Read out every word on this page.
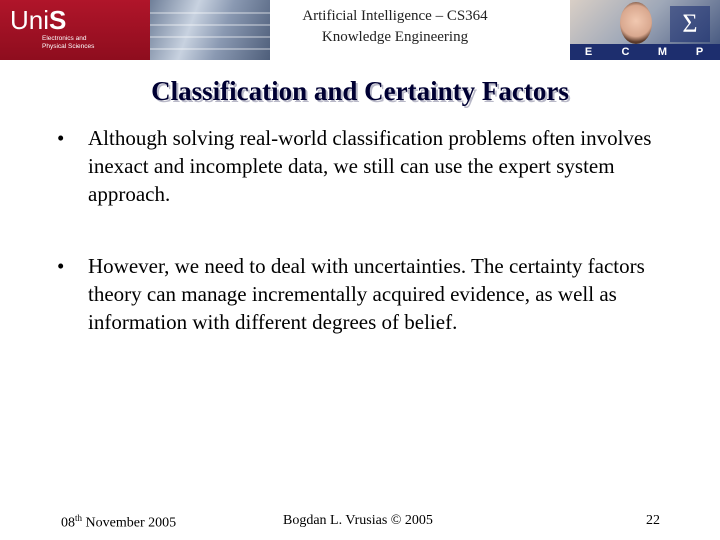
UniS
Electronics and
Physical Sciences
Artificial Intelligence – CS364
Knowledge Engineering	Σ
E	C	M	P
Classification and Certainty Factors
• Although solving real-world classification problems often involves inexact and incomplete data, we still can use the expert system approach.
• However, we need to deal with uncertainties. The certainty factors theory can manage incrementally acquired evidence, as well as information with different degrees of belief.
08th November 2005	Bogdan L. Vrusias © 2005	22
